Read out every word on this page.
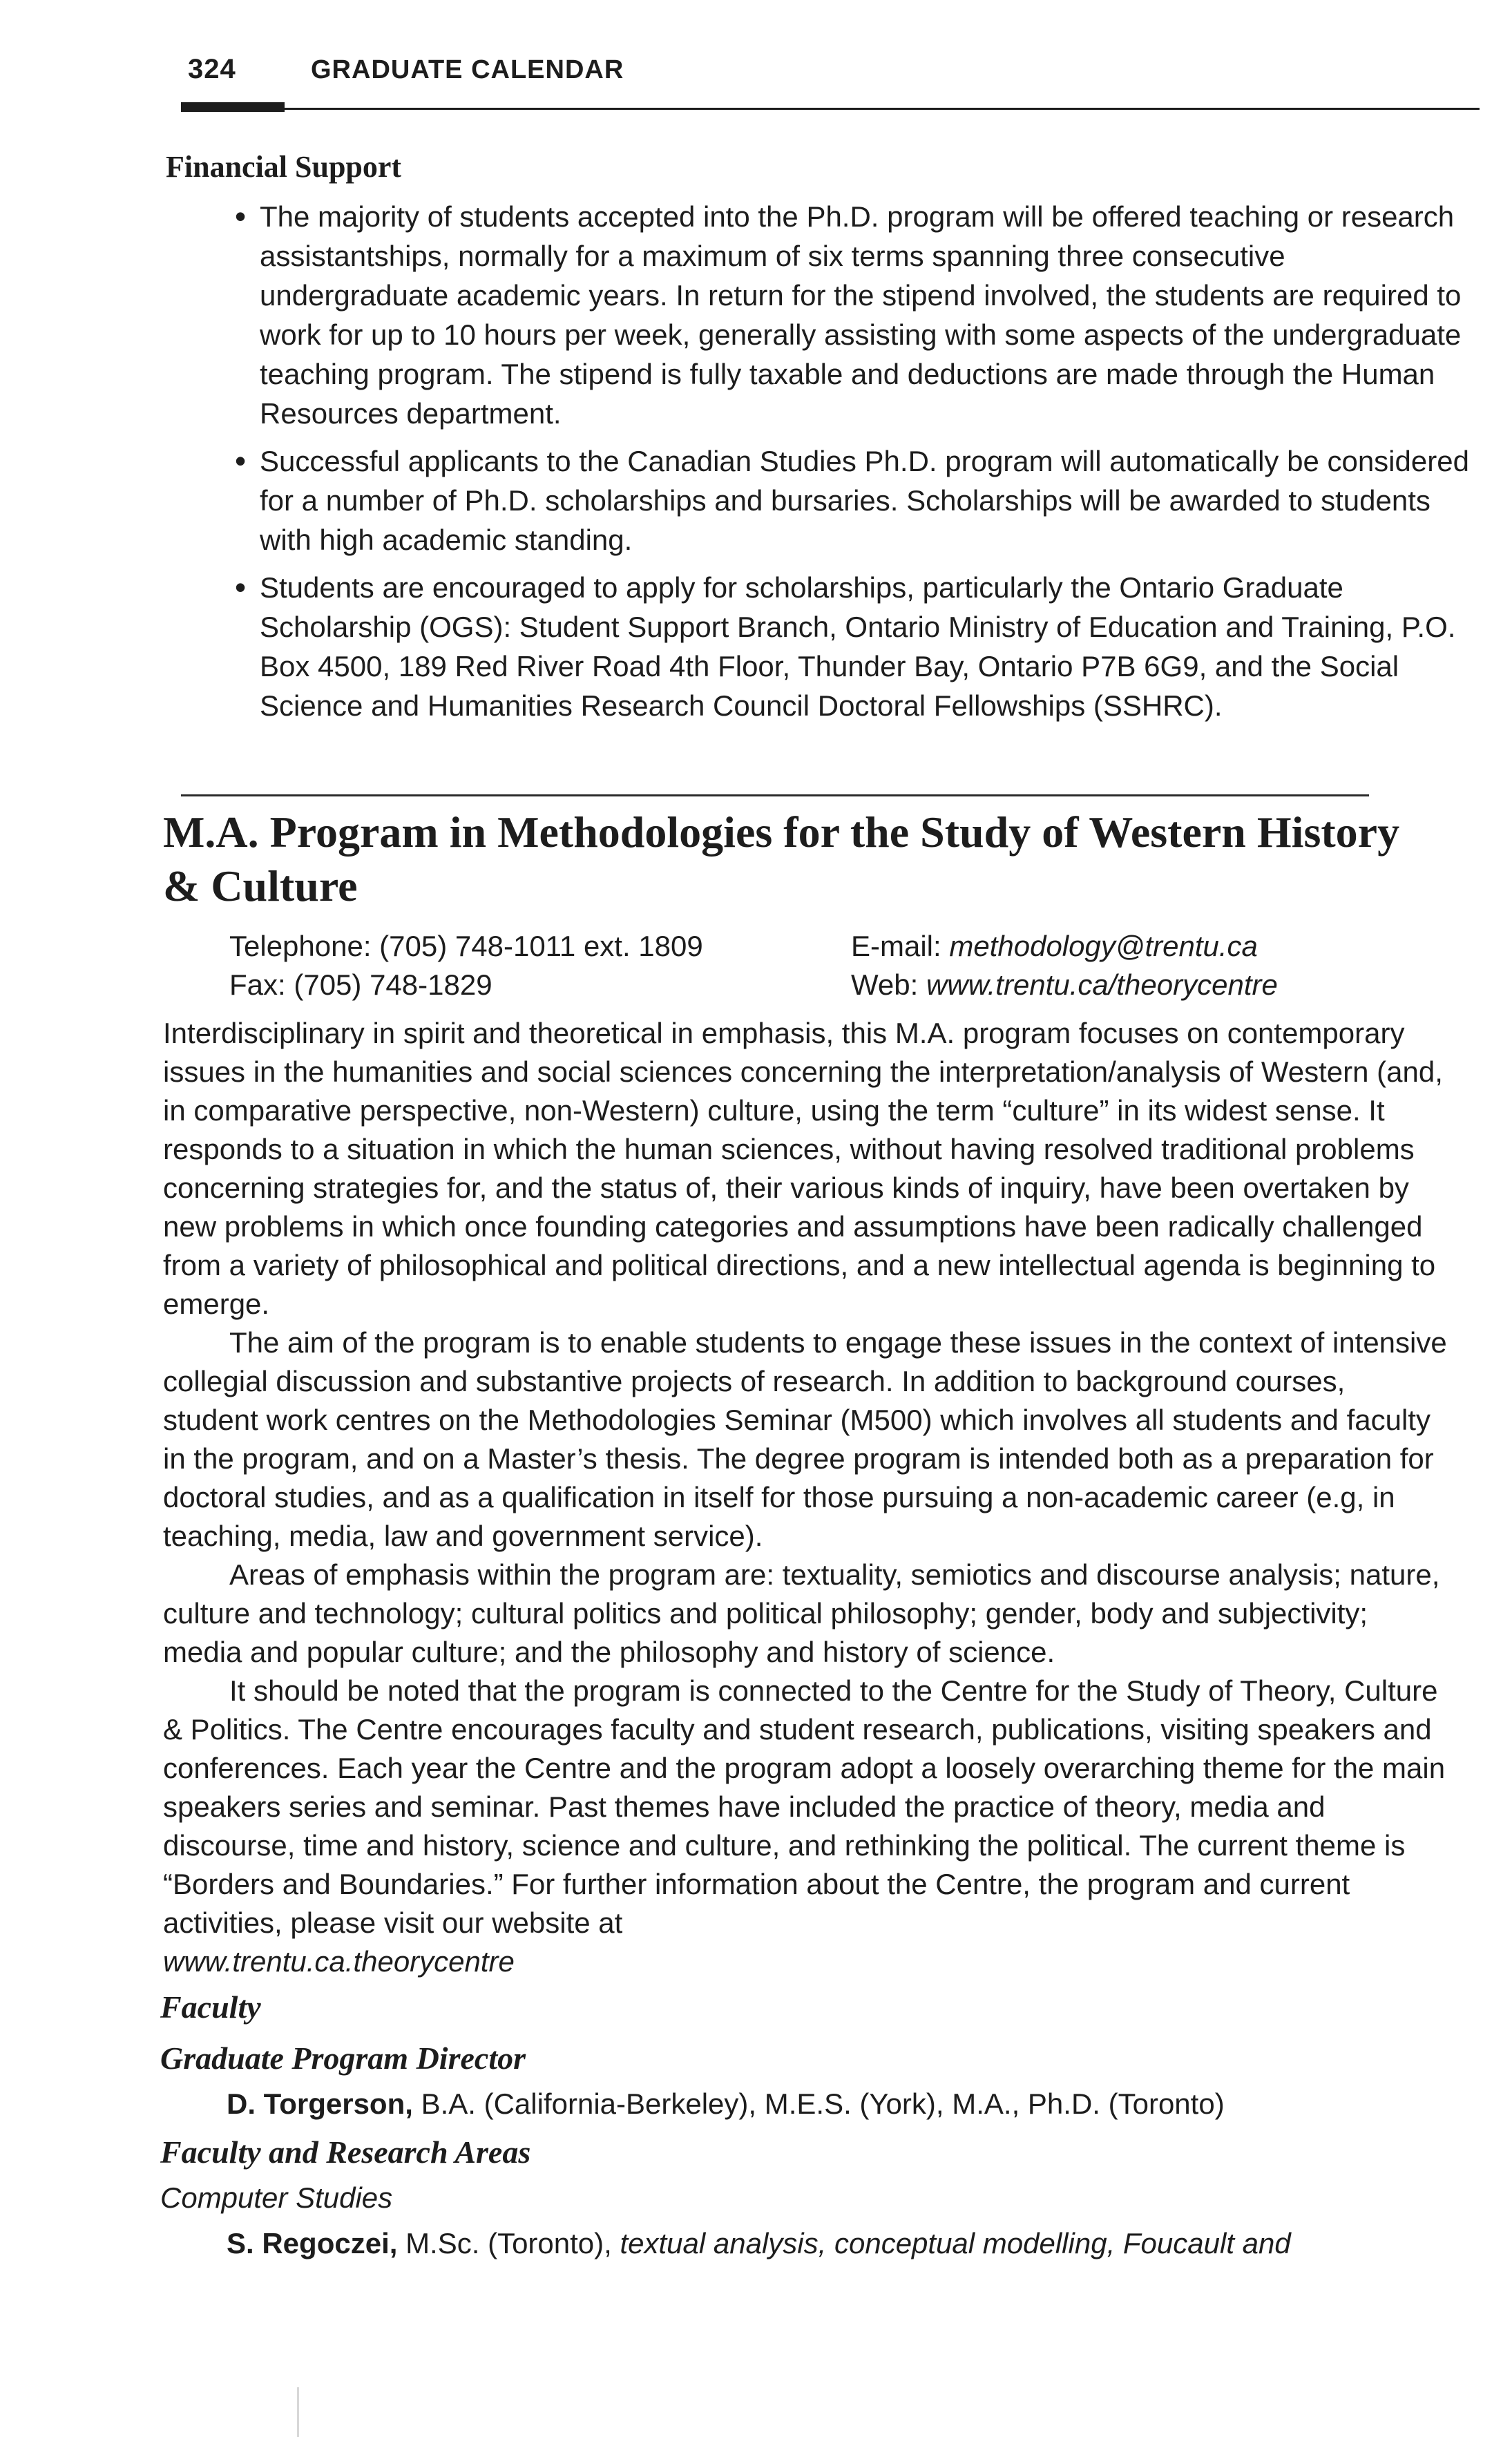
324	GRADUATE CALENDAR
Financial Support
• The majority of students accepted into the Ph.D. program will be offered teaching or research assistantships, normally for a maximum of six terms spanning three consecutive undergraduate academic years. In return for the stipend involved, the students are required to work for up to 10 hours per week, generally assisting with some aspects of the undergraduate teaching program. The stipend is fully taxable and deductions are made through the Human Resources department.
• Successful applicants to the Canadian Studies Ph.D. program will automatically be considered for a number of Ph.D. scholarships and bursaries. Scholarships will be awarded to students with high academic standing.
• Students are encouraged to apply for scholarships, particularly the Ontario Graduate Scholarship (OGS): Student Support Branch, Ontario Ministry of Education and Training, P.O. Box 4500, 189 Red River Road 4th Floor, Thunder Bay, Ontario P7B 6G9, and the Social Science and Humanities Research Council Doctoral Fellowships (SSHRC).
M.A. Program in Methodologies for the Study of Western History & Culture
Telephone: (705) 748-1011 ext. 1809
Fax: (705) 748-1829
E-mail: methodology@trentu.ca
Web: www.trentu.ca/theorycentre

Interdisciplinary in spirit and theoretical in emphasis, this M.A. program focuses on contemporary issues in the humanities and social sciences concerning the interpretation/analysis of Western (and, in comparative perspective, non-Western) culture, using the term “culture” in its widest sense. It responds to a situation in which the human sciences, without having resolved traditional problems concerning strategies for, and the status of, their various kinds of inquiry, have been overtaken by new problems in which once founding categories and assumptions have been radically challenged from a variety of philosophical and political directions, and a new intellectual agenda is beginning to emerge.

The aim of the program is to enable students to engage these issues in the context of intensive collegial discussion and substantive projects of research. In addition to background courses, student work centres on the Methodologies Seminar (M500) which involves all students and faculty in the program, and on a Master’s thesis. The degree program is intended both as a preparation for doctoral studies, and as a qualification in itself for those pursuing a non-academic career (e.g, in teaching, media, law and government service).

Areas of emphasis within the program are: textuality, semiotics and discourse analysis; nature, culture and technology; cultural politics and political philosophy; gender, body and subjectivity; media and popular culture; and the philosophy and history of science.

It should be noted that the program is connected to the Centre for the Study of Theory, Culture & Politics. The Centre encourages faculty and student research, publications, visiting speakers and conferences. Each year the Centre and the program adopt a loosely overarching theme for the main speakers series and seminar. Past themes have included the practice of theory, media and discourse, time and history, science and culture, and rethinking the political. The current theme is “Borders and Boundaries.” For further information about the Centre, the program and current activities, please visit our website at

www.trentu.ca.theorycentre

Faculty
Graduate Program Director
D. Torgerson, B.A. (California-Berkeley), M.E.S. (York), M.A., Ph.D. (Toronto)
Faculty and Research Areas
Computer Studies
S. Regoczei, M.Sc. (Toronto), textual analysis, conceptual modelling, Foucault and
